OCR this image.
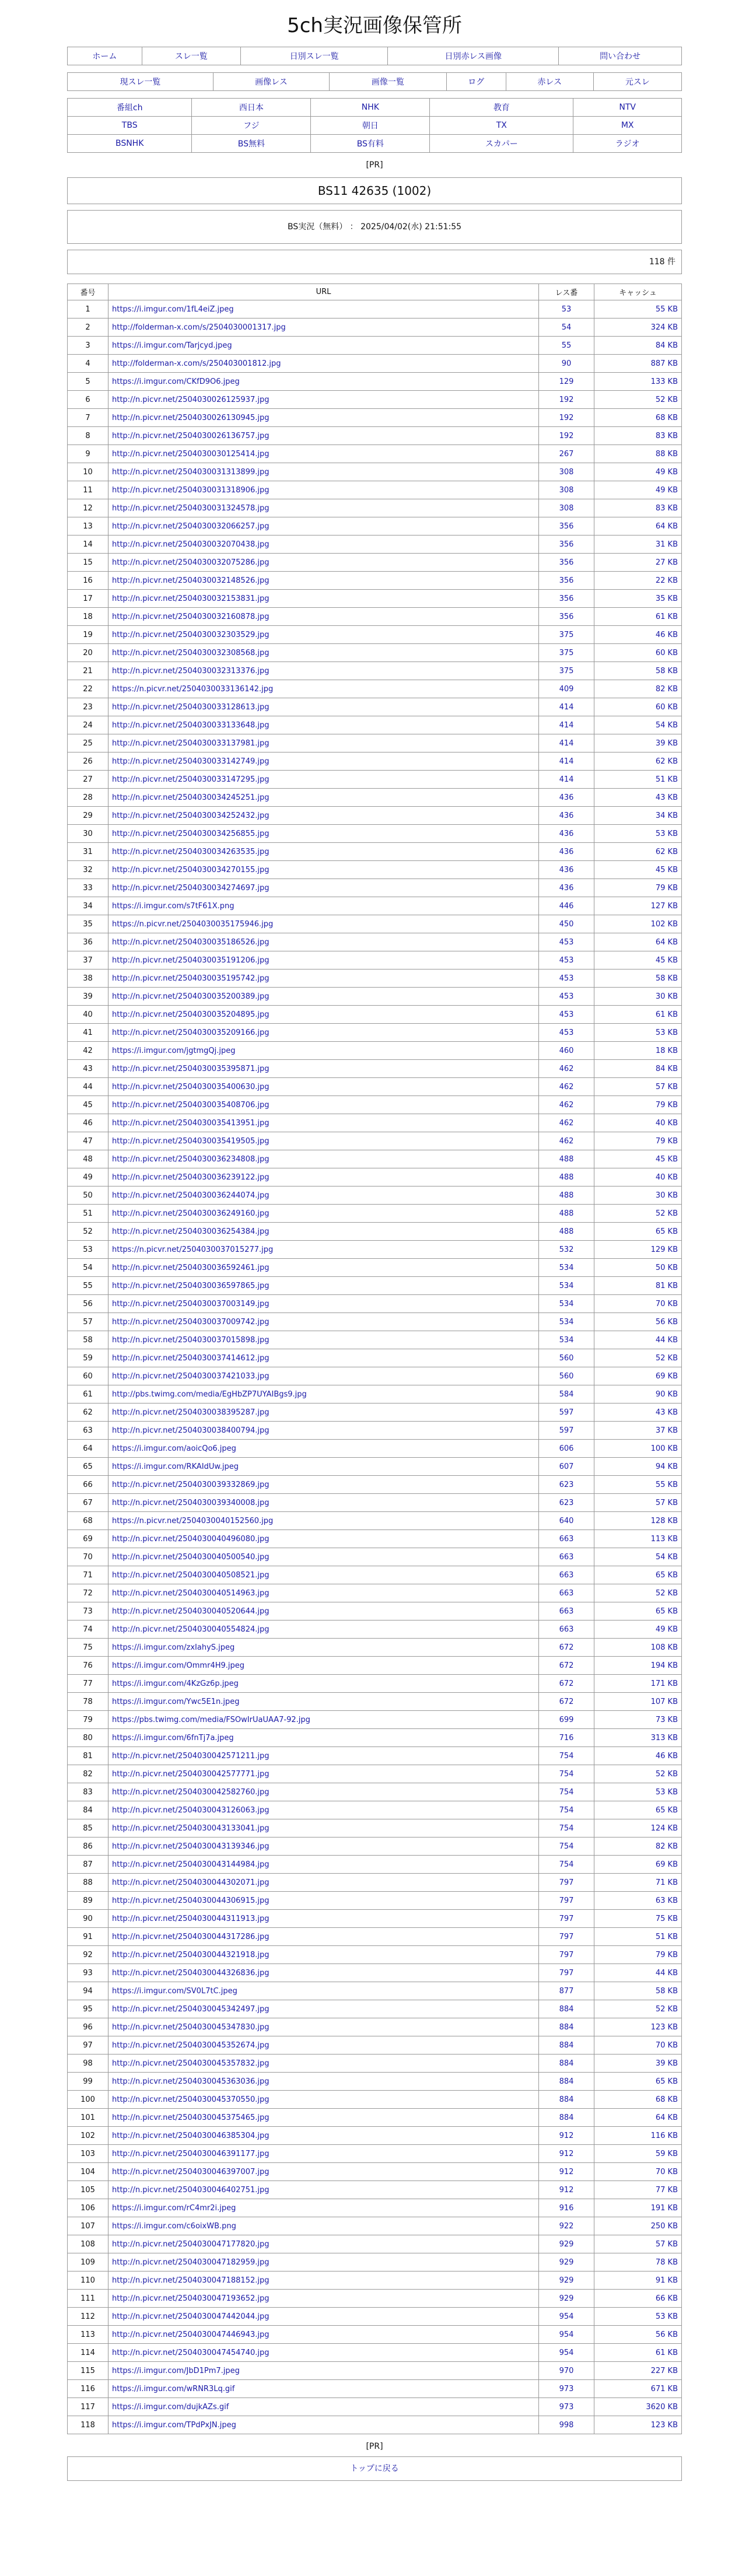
5ch実況画像保管所
ホーム	スレ一覧	日別スレ一覧	日別赤レス画像	問い合わせ
現スレ一覧	画像レス	画像一覧	ログ	赤レス	元スレ
番組ch	西日本	NHK	教育	NTV
TBS	フジ	朝日	TX	MX
BSNHK	BS無料	BS有料	スカパー	ラジオ
[PR]
BS11 42635 (1002)
BS実況（無料） ： 2025/04/02(水) 21:51:55
118 件
番号	URL	レス番	キャッシュ
1	https://i.imgur.com/1fL4eiZ.jpeg	53	55 KB
2	http://folderman-x.com/s/2504030001317.jpg	54	324 KB
3	https://i.imgur.com/Tarjcyd.jpeg	55	84 KB
4	http://folderman-x.com/s/250403001812.jpg	90	887 KB
5	https://i.imgur.com/CKfD9O6.jpeg	129	133 KB
6	http://n.picvr.net/2504030026125937.jpg	192	52 KB
7	http://n.picvr.net/2504030026130945.jpg	192	68 KB
8	http://n.picvr.net/2504030026136757.jpg	192	83 KB
9	http://n.picvr.net/2504030030125414.jpg	267	88 KB
10	http://n.picvr.net/2504030031313899.jpg	308	49 KB
11	http://n.picvr.net/2504030031318906.jpg	308	49 KB
12	http://n.picvr.net/2504030031324578.jpg	308	83 KB
13	http://n.picvr.net/2504030032066257.jpg	356	64 KB
14	http://n.picvr.net/2504030032070438.jpg	356	31 KB
15	http://n.picvr.net/2504030032075286.jpg	356	27 KB
16	http://n.picvr.net/2504030032148526.jpg	356	22 KB
17	http://n.picvr.net/2504030032153831.jpg	356	35 KB
18	http://n.picvr.net/2504030032160878.jpg	356	61 KB
19	http://n.picvr.net/2504030032303529.jpg	375	46 KB
20	http://n.picvr.net/2504030032308568.jpg	375	60 KB
21	http://n.picvr.net/2504030032313376.jpg	375	58 KB
22	https://n.picvr.net/2504030033136142.jpg	409	82 KB
23	http://n.picvr.net/2504030033128613.jpg	414	60 KB
24	http://n.picvr.net/2504030033133648.jpg	414	54 KB
25	http://n.picvr.net/2504030033137981.jpg	414	39 KB
26	http://n.picvr.net/2504030033142749.jpg	414	62 KB
27	http://n.picvr.net/2504030033147295.jpg	414	51 KB
28	http://n.picvr.net/2504030034245251.jpg	436	43 KB
29	http://n.picvr.net/2504030034252432.jpg	436	34 KB
30	http://n.picvr.net/2504030034256855.jpg	436	53 KB
31	http://n.picvr.net/2504030034263535.jpg	436	62 KB
32	http://n.picvr.net/2504030034270155.jpg	436	45 KB
33	http://n.picvr.net/2504030034274697.jpg	436	79 KB
34	https://i.imgur.com/s7tF61X.png	446	127 KB
35	https://n.picvr.net/2504030035175946.jpg	450	102 KB
36	http://n.picvr.net/2504030035186526.jpg	453	64 KB
37	http://n.picvr.net/2504030035191206.jpg	453	45 KB
38	http://n.picvr.net/2504030035195742.jpg	453	58 KB
39	http://n.picvr.net/2504030035200389.jpg	453	30 KB
40	http://n.picvr.net/2504030035204895.jpg	453	61 KB
41	http://n.picvr.net/2504030035209166.jpg	453	53 KB
42	https://i.imgur.com/jgtmgQj.jpeg	460	18 KB
43	http://n.picvr.net/2504030035395871.jpg	462	84 KB
44	http://n.picvr.net/2504030035400630.jpg	462	57 KB
45	http://n.picvr.net/2504030035408706.jpg	462	79 KB
46	http://n.picvr.net/2504030035413951.jpg	462	40 KB
47	http://n.picvr.net/2504030035419505.jpg	462	79 KB
48	http://n.picvr.net/2504030036234808.jpg	488	45 KB
49	http://n.picvr.net/2504030036239122.jpg	488	40 KB
50	http://n.picvr.net/2504030036244074.jpg	488	30 KB
51	http://n.picvr.net/2504030036249160.jpg	488	52 KB
52	http://n.picvr.net/2504030036254384.jpg	488	65 KB
53	https://n.picvr.net/2504030037015277.jpg	532	129 KB
54	http://n.picvr.net/2504030036592461.jpg	534	50 KB
55	http://n.picvr.net/2504030036597865.jpg	534	81 KB
56	http://n.picvr.net/2504030037003149.jpg	534	70 KB
57	http://n.picvr.net/2504030037009742.jpg	534	56 KB
58	http://n.picvr.net/2504030037015898.jpg	534	44 KB
59	http://n.picvr.net/2504030037414612.jpg	560	52 KB
60	http://n.picvr.net/2504030037421033.jpg	560	69 KB
61	http://pbs.twimg.com/media/EgHbZP7UYAIBgs9.jpg	584	90 KB
62	http://n.picvr.net/2504030038395287.jpg	597	43 KB
63	http://n.picvr.net/2504030038400794.jpg	597	37 KB
64	https://i.imgur.com/aoicQo6.jpeg	606	100 KB
65	https://i.imgur.com/RKAIdUw.jpeg	607	94 KB
66	http://n.picvr.net/2504030039332869.jpg	623	55 KB
67	http://n.picvr.net/2504030039340008.jpg	623	57 KB
68	https://n.picvr.net/2504030040152560.jpg	640	128 KB
69	http://n.picvr.net/2504030040496080.jpg	663	113 KB
70	http://n.picvr.net/2504030040500540.jpg	663	54 KB
71	http://n.picvr.net/2504030040508521.jpg	663	65 KB
72	http://n.picvr.net/2504030040514963.jpg	663	52 KB
73	http://n.picvr.net/2504030040520644.jpg	663	65 KB
74	http://n.picvr.net/2504030040554824.jpg	663	49 KB
75	https://i.imgur.com/zxIahyS.jpeg	672	108 KB
76	https://i.imgur.com/Ommr4H9.jpeg	672	194 KB
77	https://i.imgur.com/4KzGz6p.jpeg	672	171 KB
78	https://i.imgur.com/Ywc5E1n.jpeg	672	107 KB
79	https://pbs.twimg.com/media/FSOwIrUaUAA7-92.jpg	699	73 KB
80	https://i.imgur.com/6fnTj7a.jpeg	716	313 KB
81	http://n.picvr.net/2504030042571211.jpg	754	46 KB
82	http://n.picvr.net/2504030042577771.jpg	754	52 KB
83	http://n.picvr.net/2504030042582760.jpg	754	53 KB
84	http://n.picvr.net/2504030043126063.jpg	754	65 KB
85	http://n.picvr.net/2504030043133041.jpg	754	124 KB
86	http://n.picvr.net/2504030043139346.jpg	754	82 KB
87	http://n.picvr.net/2504030043144984.jpg	754	69 KB
88	http://n.picvr.net/2504030044302071.jpg	797	71 KB
89	http://n.picvr.net/2504030044306915.jpg	797	63 KB
90	http://n.picvr.net/2504030044311913.jpg	797	75 KB
91	http://n.picvr.net/2504030044317286.jpg	797	51 KB
92	http://n.picvr.net/2504030044321918.jpg	797	79 KB
93	http://n.picvr.net/2504030044326836.jpg	797	44 KB
94	https://i.imgur.com/SV0L7tC.jpeg	877	58 KB
95	http://n.picvr.net/2504030045342497.jpg	884	52 KB
96	http://n.picvr.net/2504030045347830.jpg	884	123 KB
97	http://n.picvr.net/2504030045352674.jpg	884	70 KB
98	http://n.picvr.net/2504030045357832.jpg	884	39 KB
99	http://n.picvr.net/2504030045363036.jpg	884	65 KB
100	http://n.picvr.net/2504030045370550.jpg	884	68 KB
101	http://n.picvr.net/2504030045375465.jpg	884	64 KB
102	http://n.picvr.net/2504030046385304.jpg	912	116 KB
103	http://n.picvr.net/2504030046391177.jpg	912	59 KB
104	http://n.picvr.net/2504030046397007.jpg	912	70 KB
105	http://n.picvr.net/2504030046402751.jpg	912	77 KB
106	https://i.imgur.com/rC4mr2i.jpeg	916	191 KB
107	https://i.imgur.com/c6oixWB.png	922	250 KB
108	http://n.picvr.net/2504030047177820.jpg	929	57 KB
109	http://n.picvr.net/2504030047182959.jpg	929	78 KB
110	http://n.picvr.net/2504030047188152.jpg	929	91 KB
111	http://n.picvr.net/2504030047193652.jpg	929	66 KB
112	http://n.picvr.net/2504030047442044.jpg	954	53 KB
113	http://n.picvr.net/2504030047446943.jpg	954	56 KB
114	http://n.picvr.net/2504030047454740.jpg	954	61 KB
115	https://i.imgur.com/JbD1Pm7.jpeg	970	227 KB
116	https://i.imgur.com/wRNR3Lq.gif	973	671 KB
117	https://i.imgur.com/dujkAZs.gif	973	3620 KB
118	https://i.imgur.com/TPdPxJN.jpeg	998	123 KB
[PR]
トップに戻る
